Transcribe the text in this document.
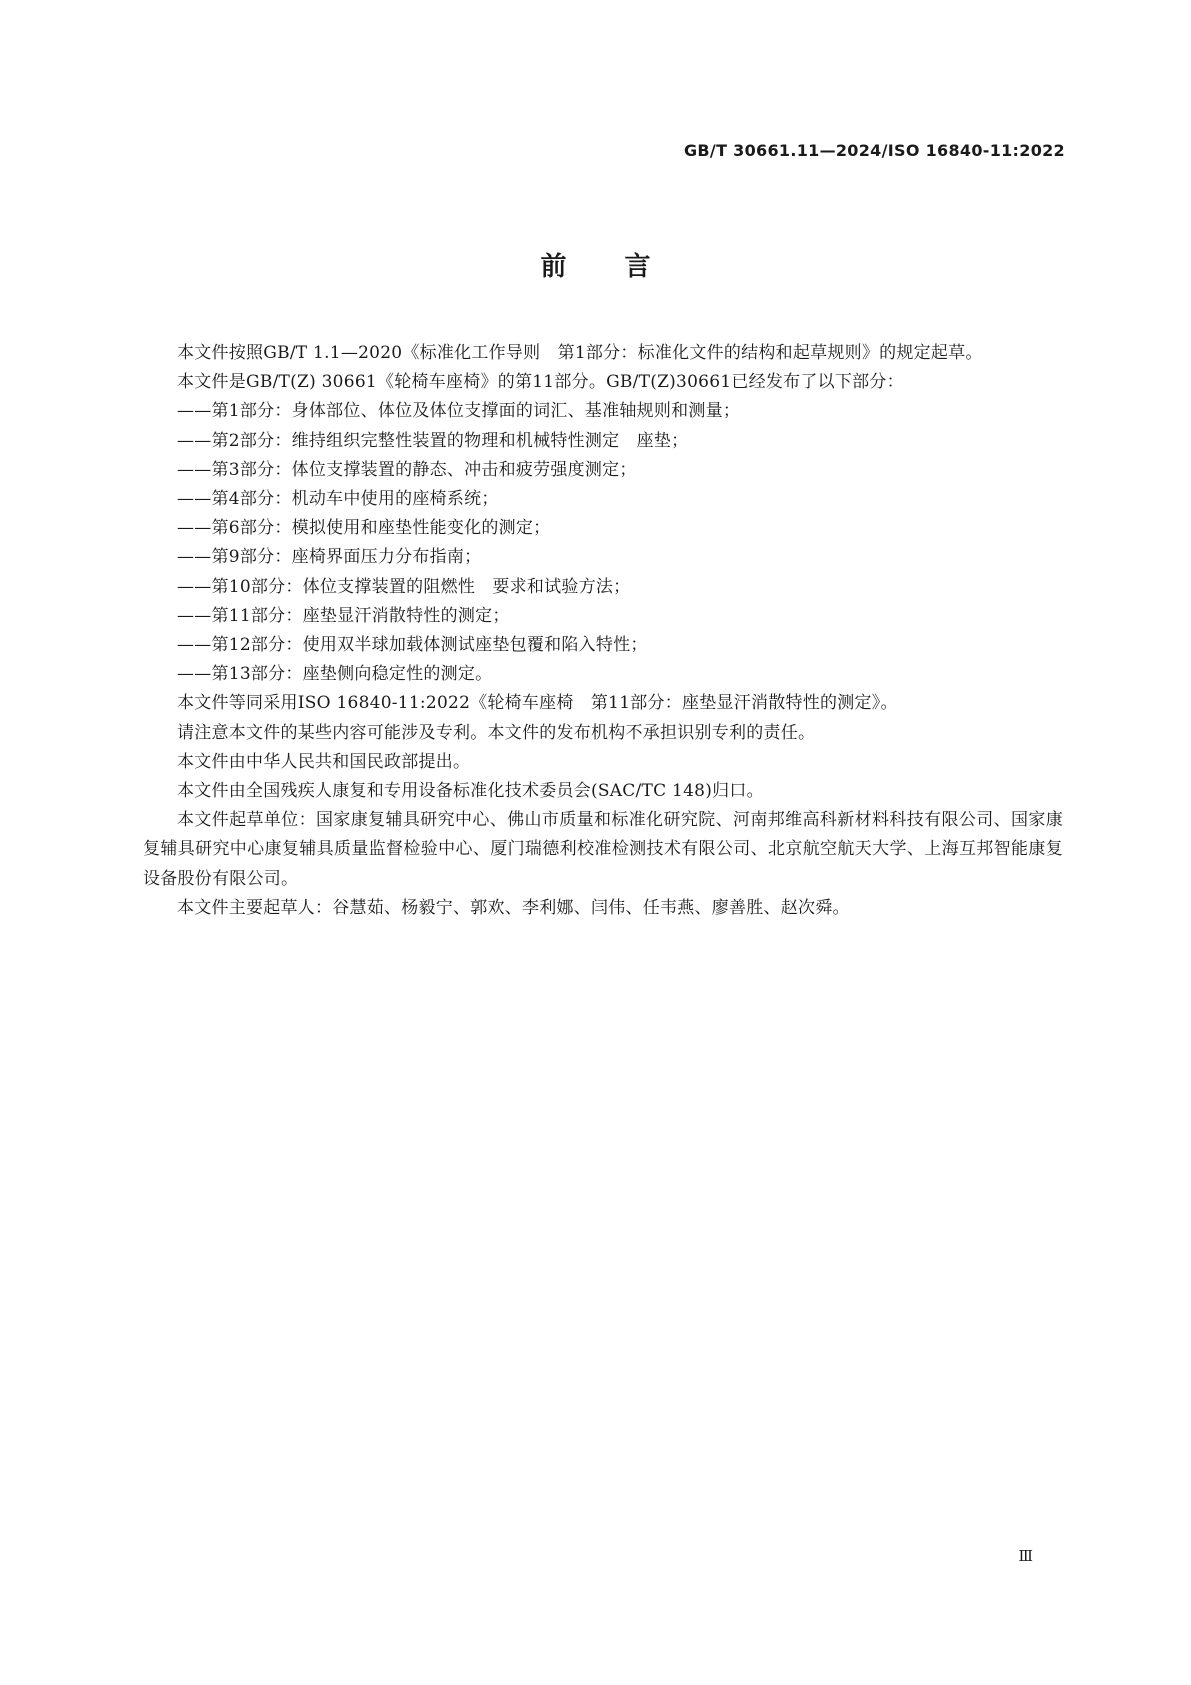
GB/T 30661.11—2024/ISO 16840-11:2022
前言

本文件按照GB/T 1.1—2020《标准化工作导则　第1部分：标准化文件的结构和起草规则》的规定起草。

本文件是GB/T(Z) 30661《轮椅车座椅》的第11部分。GB/T(Z)30661已经发布了以下部分：

——第1部分：身体部位、体位及体位支撑面的词汇、基准轴规则和测量；
——第2部分：维持组织完整性装置的物理和机械特性测定　座垫；
——第3部分：体位支撑装置的静态、冲击和疲劳强度测定；
——第4部分：机动车中使用的座椅系统；
——第6部分：模拟使用和座垫性能变化的测定；
——第9部分：座椅界面压力分布指南；
——第10部分：体位支撑装置的阻燃性　要求和试验方法；
——第11部分：座垫显汗消散特性的测定；
——第12部分：使用双半球加载体测试座垫包覆和陷入特性；
——第13部分：座垫侧向稳定性的测定。

本文件等同采用ISO 16840-11:2022《轮椅车座椅　第11部分：座垫显汗消散特性的测定》。

请注意本文件的某些内容可能涉及专利。本文件的发布机构不承担识别专利的责任。

本文件由中华人民共和国民政部提出。

本文件由全国残疾人康复和专用设备标准化技术委员会(SAC/TC 148)归口。

本文件起草单位：国家康复辅具研究中心、佛山市质量和标准化研究院、河南邦维高科新材料科技有限公司、国家康复辅具研究中心康复辅具质量监督检验中心、厦门瑞德利校准检测技术有限公司、北京航空航天大学、上海互邦智能康复设备股份有限公司。

本文件主要起草人：谷慧茹、杨毅宁、郭欢、李利娜、闫伟、任韦燕、廖善胜、赵次舜。

Ⅲ
